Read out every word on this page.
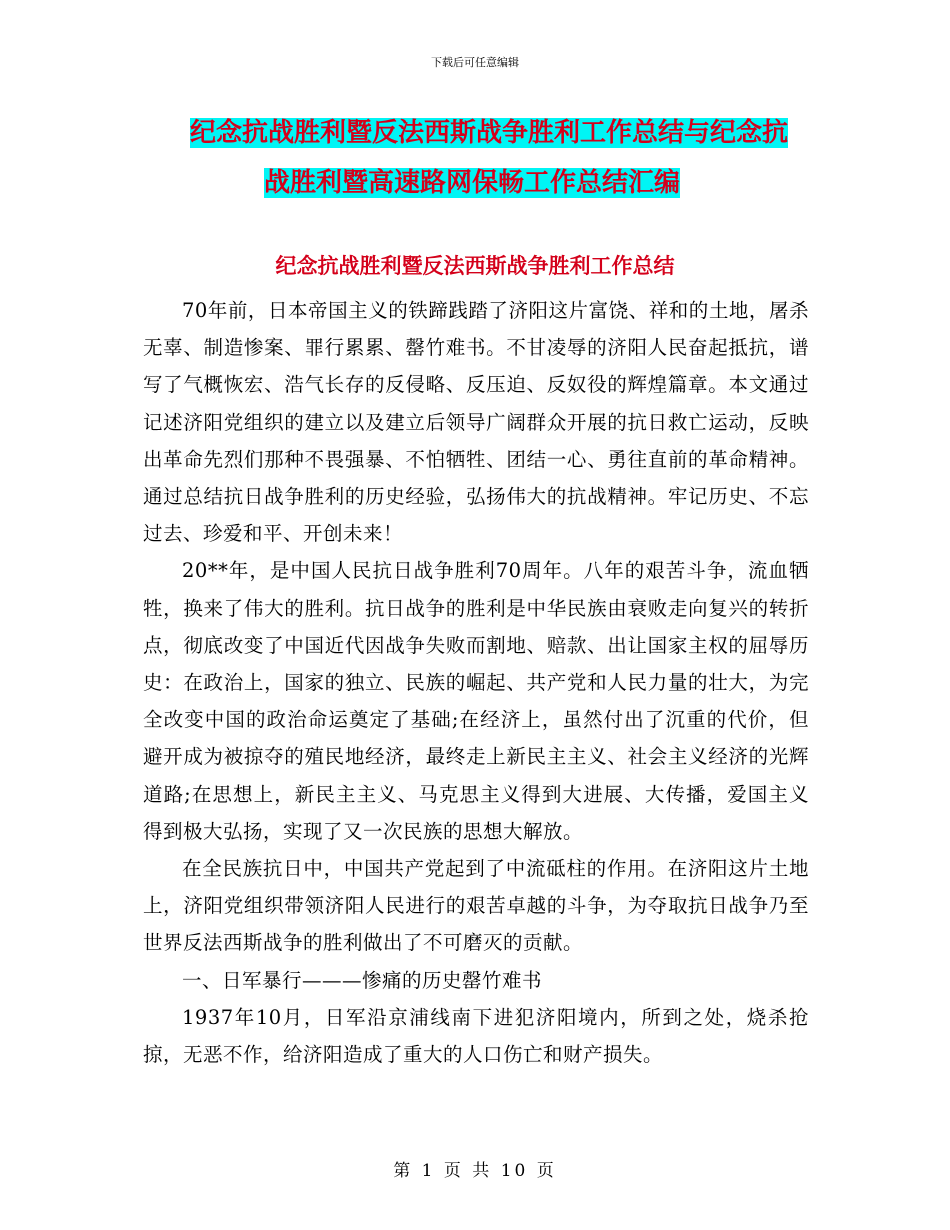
下载后可任意编辑
纪念抗战胜利暨反法西斯战争胜利工作总结与纪念抗
战胜利暨高速路网保畅工作总结汇编
纪念抗战胜利暨反法西斯战争胜利工作总结

70年前，日本帝国主义的铁蹄践踏了济阳这片富饶、祥和的土地，屠杀无辜、制造惨案、罪行累累、罄竹难书。不甘凌辱的济阳人民奋起抵抗，谱写了气概恢宏、浩气长存的反侵略、反压迫、反奴役的辉煌篇章。本文通过记述济阳党组织的建立以及建立后领导广阔群众开展的抗日救亡运动，反映出革命先烈们那种不畏强暴、不怕牺牲、团结一心、勇往直前的革命精神。通过总结抗日战争胜利的历史经验，弘扬伟大的抗战精神。牢记历史、不忘过去、珍爱和平、开创未来！

20**年，是中国人民抗日战争胜利70周年。八年的艰苦斗争，流血牺牲，换来了伟大的胜利。抗日战争的胜利是中华民族由衰败走向复兴的转折点，彻底改变了中国近代因战争失败而割地、赔款、出让国家主权的屈辱历史：在政治上，国家的独立、民族的崛起、共产党和人民力量的壮大，为完全改变中国的政治命运奠定了基础;在经济上，虽然付出了沉重的代价，但避开成为被掠夺的殖民地经济，最终走上新民主主义、社会主义经济的光辉道路;在思想上，新民主主义、马克思主义得到大进展、大传播，爱国主义得到极大弘扬，实现了又一次民族的思想大解放。

在全民族抗日中，中国共产党起到了中流砥柱的作用。在济阳这片土地上，济阳党组织带领济阳人民进行的艰苦卓越的斗争，为夺取抗日战争乃至世界反法西斯战争的胜利做出了不可磨灭的贡献。

一、日军暴行———惨痛的历史罄竹难书

1937年10月，日军沿京浦线南下进犯济阳境内，所到之处，烧杀抢掠，无恶不作，给济阳造成了重大的人口伤亡和财产损失。

第 1 页 共 10 页
